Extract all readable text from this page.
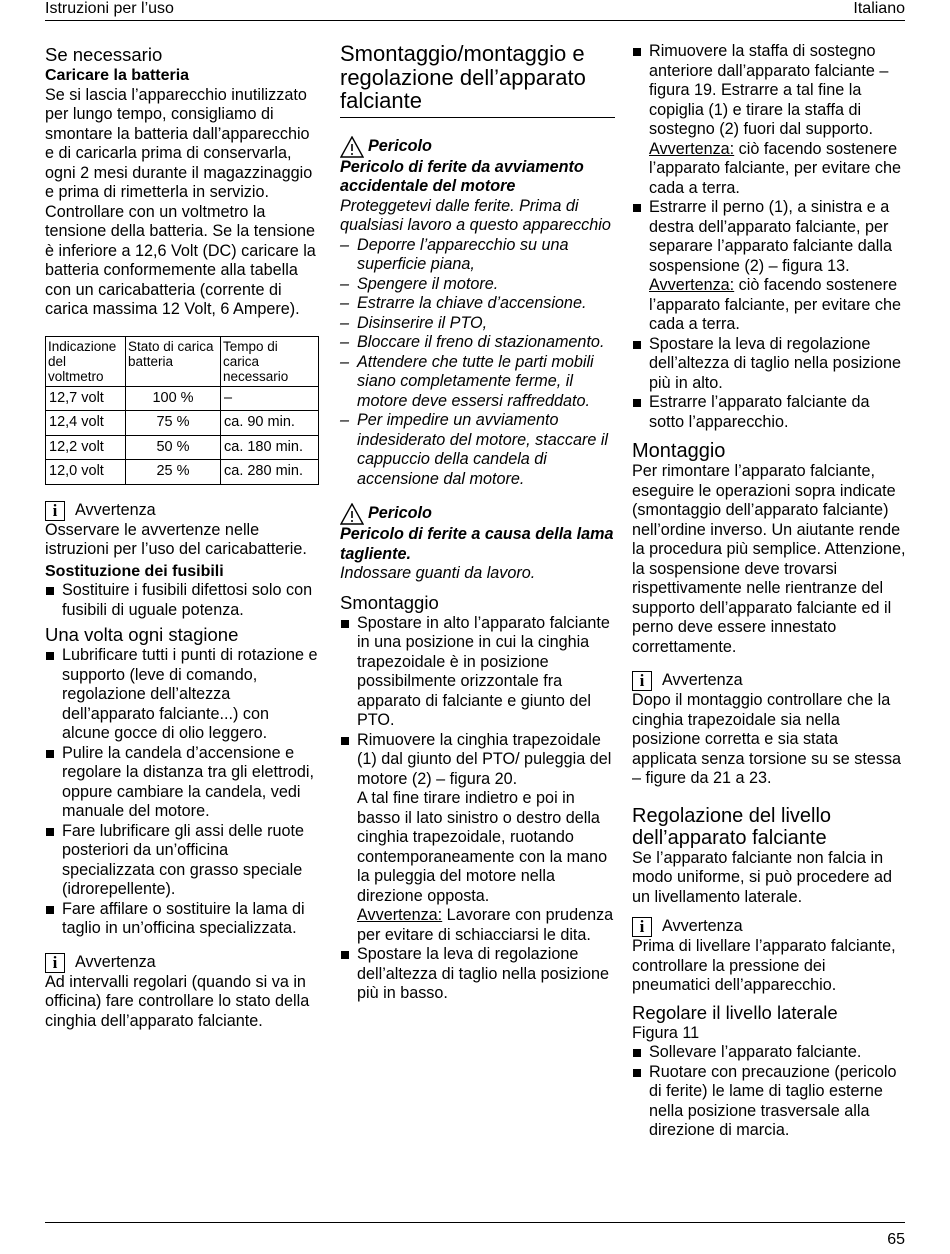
Istruzioni per l’uso	Italiano
Se necessario

Caricare la batteria

Se si lascia l’apparecchio inutilizzato per lungo tempo, consigliamo di smontare la batteria dall’apparecchio e di caricarla prima di conservarla, ogni 2 mesi durante il magazzinaggio e prima di rimetterla in servizio. Controllare con un voltmetro la tensione della batteria. Se la tensione è inferiore a 12,6 Volt (DC) caricare la batteria conformemente alla tabella con un caricabatteria (corrente di carica massima 12 Volt, 6 Ampere).

Indicazione del voltmetro	Stato di carica batteria	Tempo di carica necessario
12,7 volt	100 %	–
12,4 volt	75 %	ca. 90 min.
12,2 volt	50 %	ca. 180 min.
12,0 volt	25 %	ca. 280 min.
i	Avvertenza

Osservare le avvertenze nelle istruzioni per l’uso del caricabatterie.

Sostituzione dei fusibili

Sostituire i fusibili difettosi solo con fusibili di uguale potenza.
Una volta ogni stagione
Lubrificare tutti i punti di rotazione e supporto (leve di comando, regolazione dell’altezza dell’apparato falciante...) con alcune gocce di olio leggero.
Pulire la candela d’accensione e regolare la distanza tra gli elettrodi, oppure cambiare la candela, vedi manuale del motore.
Fare lubrificare gli assi delle ruote posteriori da un’officina specializzata con grasso speciale (idrorepellente).
Fare affilare o sostituire la lama di taglio in un’officina specializzata.
i	Avvertenza

Ad intervalli regolari (quando si va in officina) fare controllare lo stato della cinghia dell’apparato falciante.

Smontaggio/montaggio e regolazione dell’apparato falciante
Pericolo

Pericolo di ferite da avviamento accidentale del motore

Proteggetevi dalle ferite. Prima di qualsiasi lavoro a questo apparecchio

– Deporre l’apparecchio su una superficie piana,
– Spengere il motore.
– Estrarre la chiave d’accensione.
– Disinserire il PTO,
– Bloccare il freno di stazionamento.
– Attendere che tutte le parti mobili siano completamente ferme, il motore deve essersi raffreddato.
– Per impedire un avviamento indesiderato del motore, staccare il cappuccio della candela di accensione dal motore.
Pericolo

Pericolo di ferite a causa della lama tagliente.

Indossare guanti da lavoro.

Smontaggio
Spostare in alto l’apparato falciante in una posizione in cui la cinghia trapezoidale è in posizione possibilmente orizzontale fra apparato di falciante e giunto del PTO.
Rimuovere la cinghia trapezoidale (1) dal giunto del PTO/ puleggia del motore (2) – figura 20.
A tal fine tirare indietro e poi in basso il lato sinistro o destro della cinghia trapezoidale, ruotando contemporaneamente con la mano la puleggia del motore nella direzione opposta.
Avvertenza: Lavorare con prudenza per evitare di schiacciarsi le dita.
Spostare la leva di regolazione dell’altezza di taglio nella posizione più in basso.
Rimuovere la staffa di sostegno anteriore dall’apparato falciante – figura 19. Estrarre a tal fine la copiglia (1) e tirare la staffa di sostegno (2) fuori dal supporto.
Avvertenza: ciò facendo sostenere l’apparato falciante, per evitare che cada a terra.
Estrarre il perno (1), a sinistra e a destra dell’apparato falciante, per separare l’apparato falciante dalla sospensione (2) – figura 13.
Avvertenza: ciò facendo sostenere l’apparato falciante, per evitare che cada a terra.
Spostare la leva di regolazione dell’altezza di taglio nella posizione più in alto.
Estrarre l’apparato falciante da sotto l’apparecchio.
Montaggio

Per rimontare l’apparato falciante, eseguire le operazioni sopra indicate (smontaggio dell’apparato falciante) nell’ordine inverso. Un aiutante rende la procedura più semplice. Attenzione, la sospensione deve trovarsi rispettivamente nelle rientranze del supporto dell’apparato falciante ed il perno deve essere innestato correttamente.

i	Avvertenza

Dopo il montaggio controllare che la cinghia trapezoidale sia nella posizione corretta e sia stata applicata senza torsione su se stessa – figure da 21 a 23.

Regolazione del livello dell’apparato falciante

Se l’apparato falciante non falcia in modo uniforme, si può procedere ad un livellamento laterale.

i	Avvertenza

Prima di livellare l’apparato falciante, controllare la pressione dei pneumatici dell’apparecchio.

Regolare il livello laterale

Figura 11

Sollevare l’apparato falciante.
Ruotare con precauzione (pericolo di ferite) le lame di taglio esterne nella posizione trasversale alla direzione di marcia.
65
